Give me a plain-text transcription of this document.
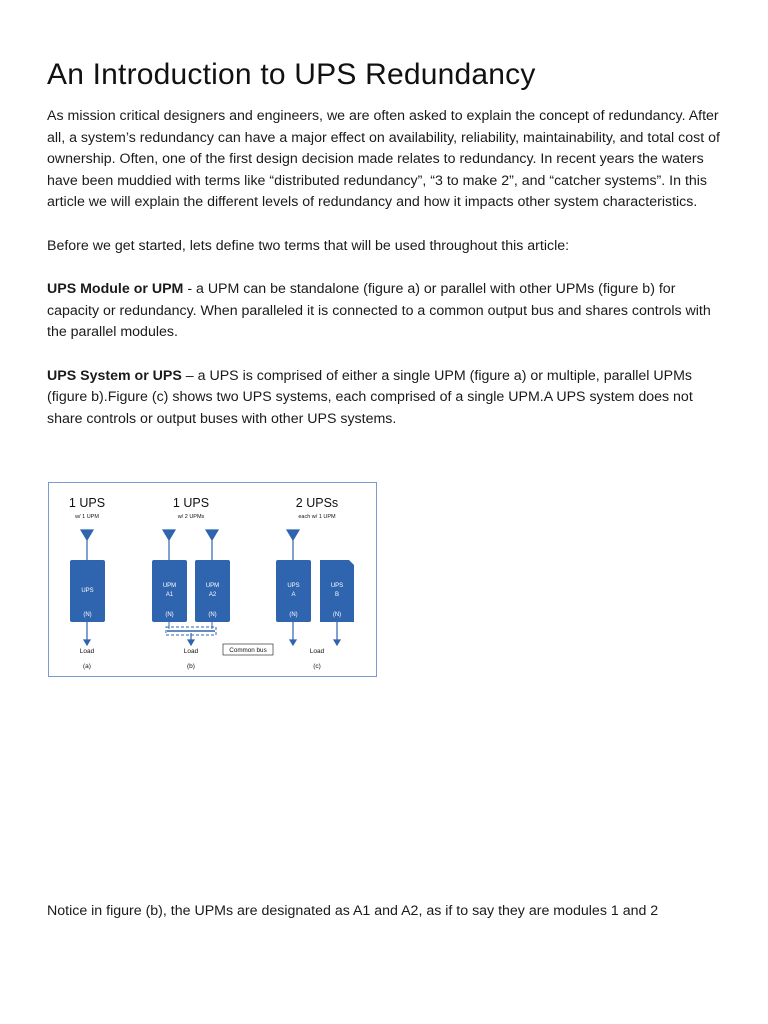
An Introduction to UPS Redundancy

As mission critical designers and engineers, we are often asked to explain the concept of redundancy. After all, a system’s redundancy can have a major effect on availability, reliability, maintainability, and total cost of ownership. Often, one of the first design decision made relates to redundancy. In recent years the waters have been muddied with terms like “distributed redundancy”, “3 to make 2”, and “catcher systems”. In this article we will explain the different levels of redundancy and how it impacts other system characteristics.

Before we get started, lets define two terms that will be used throughout this article:

UPS Module or UPM - a UPM can be standalone (figure a) or parallel with other UPMs (figure b) for capacity or redundancy. When paralleled it is connected to a common output bus and shares controls with the parallel modules.

UPS System or UPS – a UPS is comprised of either a single UPM (figure a) or multiple, parallel UPMs (figure b).Figure (c) shows two UPS systems, each comprised of a single UPM.A UPS system does not share controls or output buses with other UPS systems.

1 UPS
w/ 1 UPM
1 UPS
w/ 2 UPMs
2 UPSs
each w/ 1 UPM
UPS
(N)
UPM
A1
(N)
UPM
A2
(N)
UPS
A
(N)
UPS
B
(N)
Common bus
Load
(a)
Load
(b)
Load
(c)

Notice in figure (b), the UPMs are designated as A1 and A2, as if to say they are modules 1 and 2
